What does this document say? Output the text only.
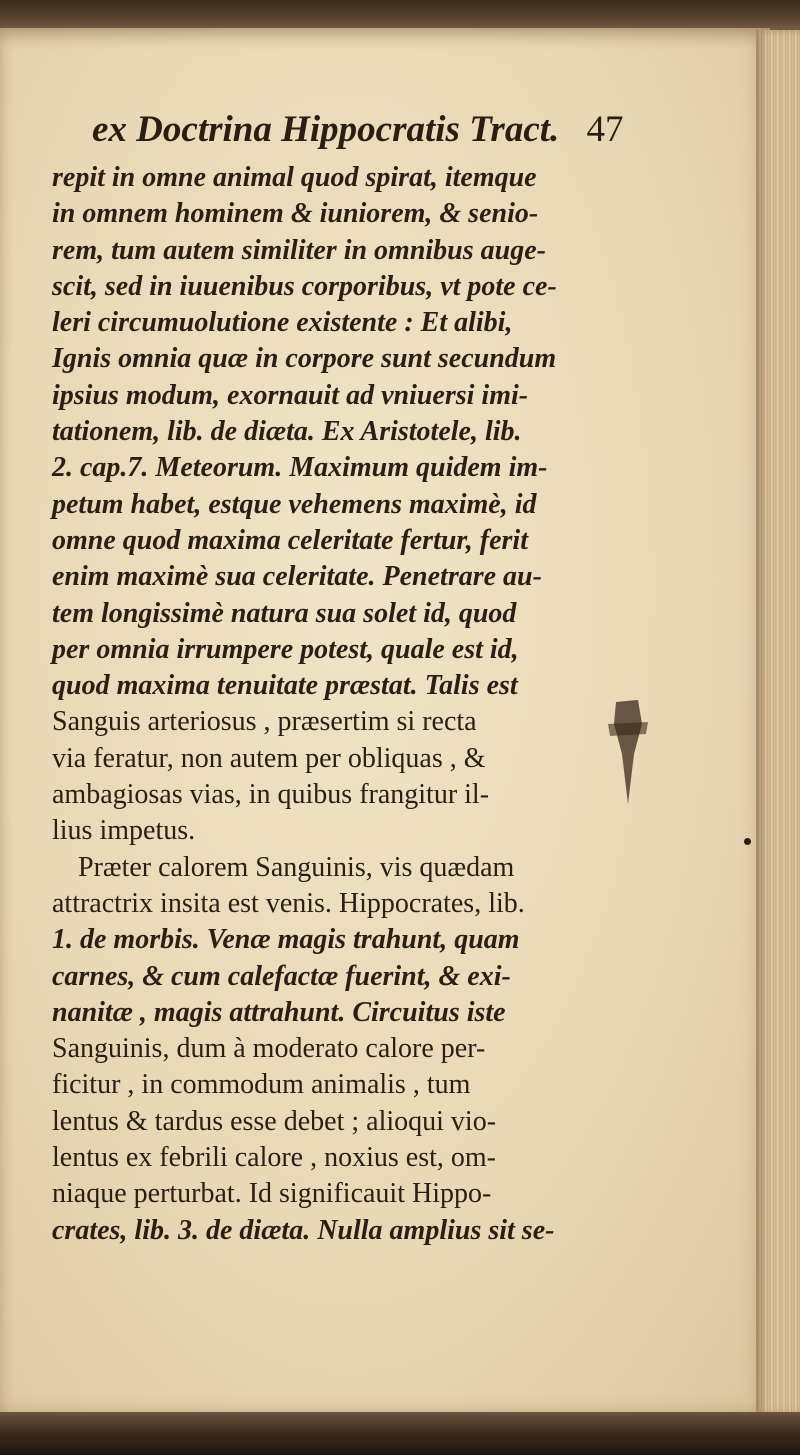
ex Doctrina Hippocratis Tract. 47
repit in omne animal quod spirat, itemque
in omnem hominem & iuniorem, & senio-
rem, tum autem similiter in omnibus auge-
scit, sed in iuuenibus corporibus, vt pote ce-
leri circumuolutione existente : Et alibi,
Ignis omnia quæ in corpore sunt secundum
ipsius modum, exornauit ad vniuersi imi-
tationem, lib. de diæta. Ex Aristotele, lib.
2. cap.7. Meteorum. Maximum quidem im-
petum habet, estque vehemens maximè, id
omne quod maxima celeritate fertur, ferit
enim maximè sua celeritate. Penetrare au-
tem longissimè natura sua solet id, quod
per omnia irrumpere potest, quale est id,
quod maxima tenuitate præstat. Talis est
Sanguis arteriosus , præsertim si recta
via feratur, non autem per obliquas , &
ambagiosas vias, in quibus frangitur il-
lius impetus.
Præter calorem Sanguinis, vis quædam
attractrix insita est venis. Hippocrates, lib.
1. de morbis. Venæ magis trahunt, quam
carnes, & cum calefactæ fuerint, & exi-
nanitæ , magis attrahunt. Circuitus iste
Sanguinis, dum à moderato calore per-
ficitur , in commodum animalis , tum
lentus & tardus esse debet ; alioqui vio-
lentus ex febrili calore , noxius est, om-
niaque perturbat. Id significauit Hippo-
crates, lib. 3. de diæta. Nulla amplius sit se-
